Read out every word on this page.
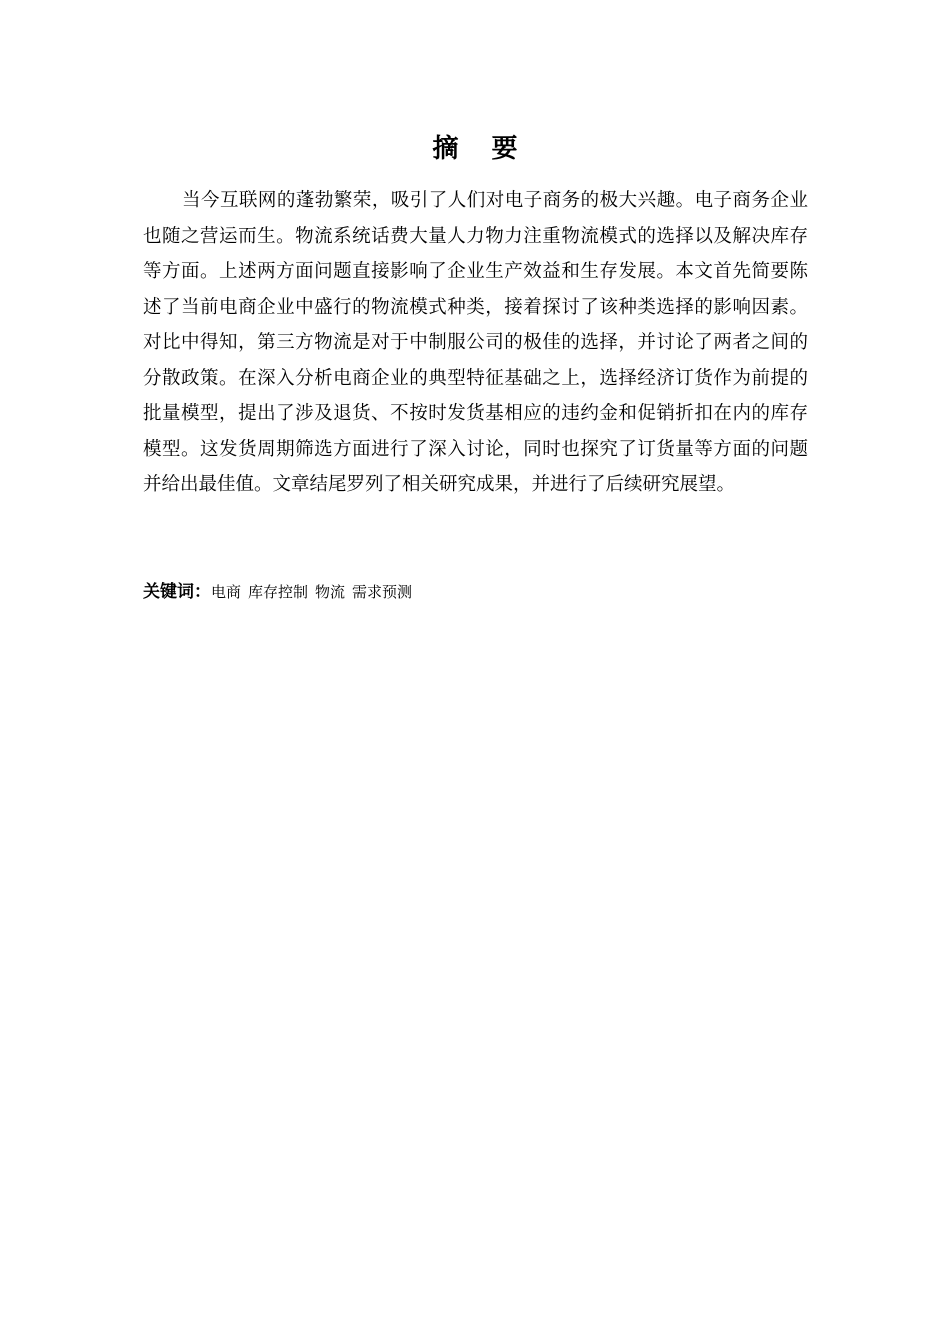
摘 要

当今互联网的蓬勃繁荣，吸引了人们对电子商务的极大兴趣。电子商务企业也随之营运而生。物流系统话费大量人力物力注重物流模式的选择以及解决库存等方面。上述两方面问题直接影响了企业生产效益和生存发展。本文首先简要陈述了当前电商企业中盛行的物流模式种类，接着探讨了该种类选择的影响因素。对比中得知，第三方物流是对于中制服公司的极佳的选择，并讨论了两者之间的分散政策。在深入分析电商企业的典型特征基础之上，选择经济订货作为前提的批量模型，提出了涉及退货、不按时发货基相应的违约金和促销折扣在内的库存模型。这发货周期筛选方面进行了深入讨论，同时也探究了订货量等方面的问题并给出最佳值。文章结尾罗列了相关研究成果，并进行了后续研究展望。

关键词：电商 库存控制 物流 需求预测
